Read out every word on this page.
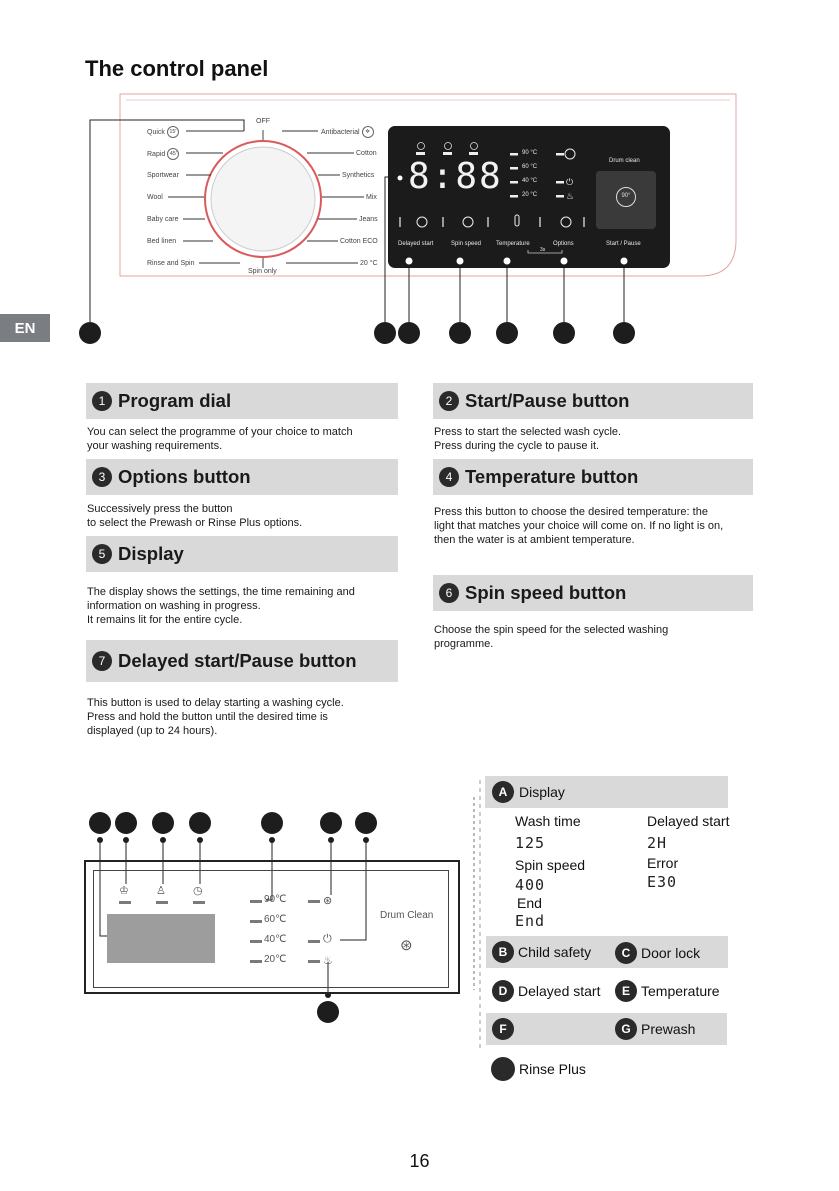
The control panel
EN
OFF
Spin only
Quick 15'
Rapid 45'
Sportwear
Wool
Baby care
Bed linen
Rinse and Spin
Antibacterial ✲
Cotton
Synthetics
Mix
Jeans
Cotton ECO
20 °C
8:88
90 °C
60 °C
40 °C
20 °C
⏻
♨
Drum clean
Delayed start	Spin speed Temperature	Options	Start / Pause
3s
90°
1 Program dial
You can select the programme of your choice to match
your washing requirements.
2 Start/Pause button
Press to start the selected wash cycle.
Press during the cycle to pause it.
3 Options button
Successively press the button
to select the Prewash or Rinse Plus options.
4 Temperature button
Press this button to choose the desired temperature: the
light that matches your choice will come on. If no light is on,
then the water is at ambient temperature.
5 Display
The display shows the settings, the time remaining and
information on washing in progress.
It remains lit for the entire cycle.
6 Spin speed button
Choose the spin speed for the selected washing
programme.
7 Delayed start/Pause button
This button is used to delay starting a washing cycle.
Press and hold the button until the desired time is
displayed (up to 24 hours).
♔ ♙ ◷
90℃
60℃
40℃
20℃
⊛
⏻
♨
Drum Clean
⊛
A Display
Wash time	Delayed start
125	2H
Spin speed	Error
400	E30
End
End
B Child safety	C Door lock
D Delayed start	E Temperature
F	G Prewash
Rinse Plus
16
